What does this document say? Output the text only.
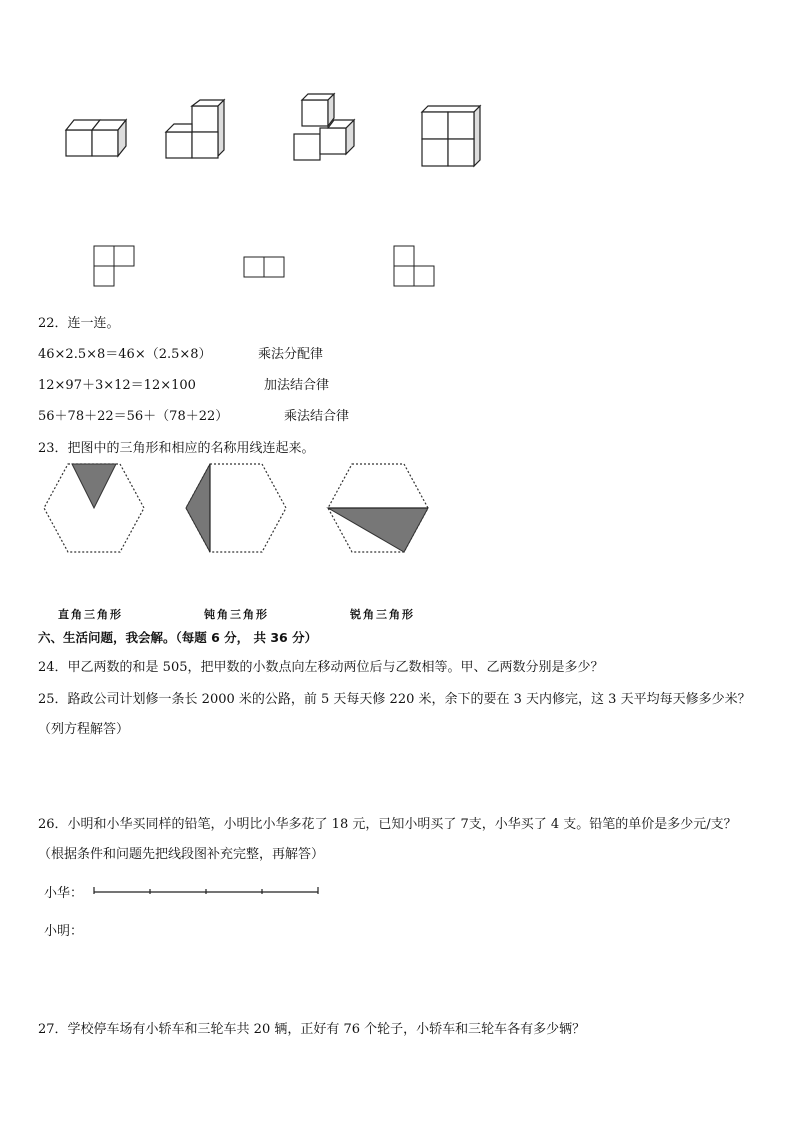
22．连一连。
46×2.5×8＝46×（2.5×8）	乘法分配律
12×97＋3×12＝12×100	加法结合律
56＋78＋22＝56＋（78＋22）	乘法结合律
23．把图中的三角形和相应的名称用线连起来。
直角三角形	钝角三角形	锐角三角形
六、生活问题，我会解。（每题 6 分， 共 36 分）
24．甲乙两数的和是 505，把甲数的小数点向左移动两位后与乙数相等。甲、乙两数分别是多少？
25．路政公司计划修一条长 2000 米的公路，前 5 天每天修 220 米，余下的要在 3 天内修完，这 3 天平均每天修多少米？
（列方程解答）
26．小明和小华买同样的铅笔，小明比小华多花了 18 元，已知小明买了 7支，小华买了 4 支。铅笔的单价是多少元/支？
（根据条件和问题先把线段图补充完整，再解答）
小华：
小明：
27．学校停车场有小轿车和三轮车共 20 辆，正好有 76 个轮子，小轿车和三轮车各有多少辆？
